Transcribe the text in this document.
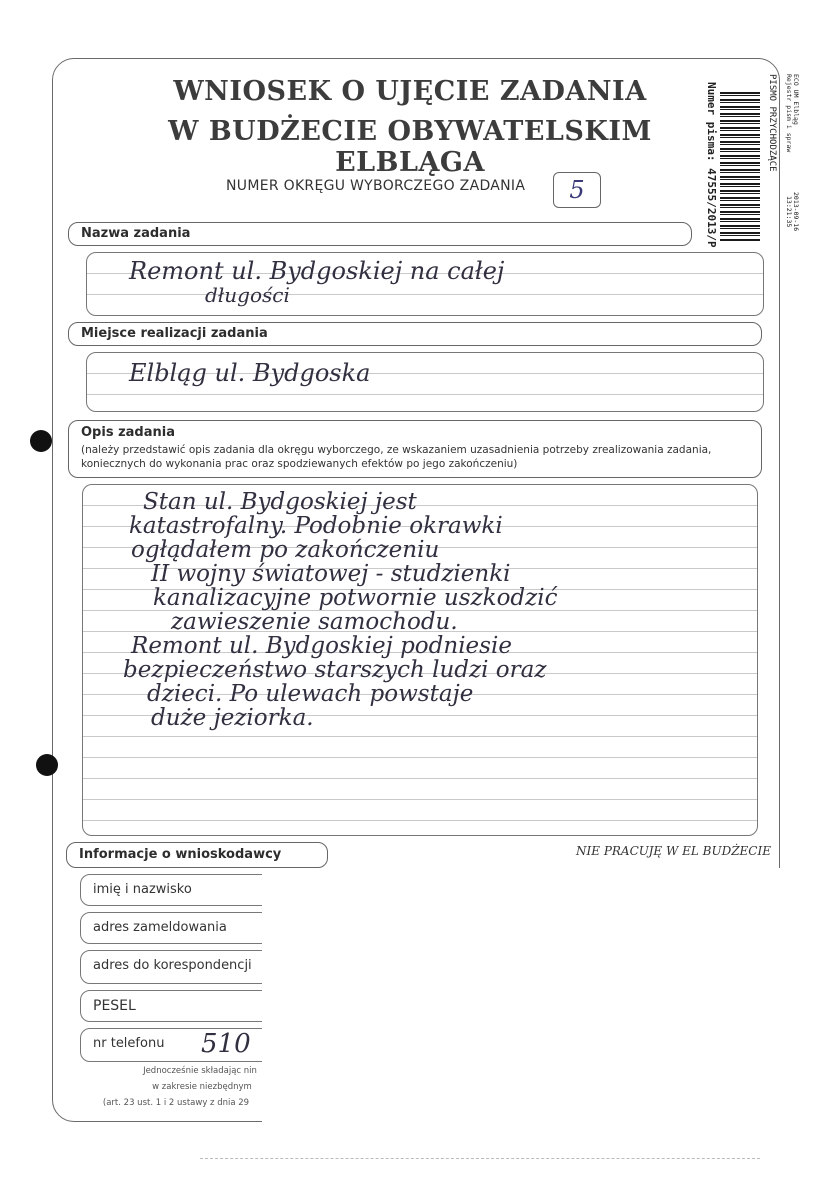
WNIOSEK O UJĘCIE ZADANIA
W BUDŻECIE OBYWATELSKIM ELBLĄGA
NUMER OKRĘGU WYBORCZEGO ZADANIA	5	Numer pisma: 47555/2013/P	ECO UM Elbląg
Rejestr pism i spraw
PISMO PRZYCHODZĄCE
2013-09-16
13:21:35
Nazwa zadania
Remont ul. Bydgoskiej na całej
długości
Miejsce realizacji zadania
Elbląg ul. Bydgoska
Opis zadania
(należy przedstawić opis zadania dla okręgu wyborczego, ze wskazaniem uzasadnienia potrzeby zrealizowania zadania,
koniecznych do wykonania prac oraz spodziewanych efektów po jego zakończeniu)
Stan ul. Bydgoskiej jest
katastrofalny. Podobnie okrawki
ogłądałem po zakończeniu
II wojny światowej - studzienki
kanalizacyjne potwornie uszkodzić
zawieszenie samochodu.
Remont ul. Bydgoskiej podniesie
bezpieczeństwo starszych ludzi oraz
dzieci. Po ulewach powstaje
duże jeziorka.
Informacje o wnioskodawcy	NIE PRACUJĘ W EL BUDŻECIE
imię i nazwisko
adres zameldowania
adres do korespondencji
PESEL
nr telefonu	510
Jednocześnie składając nin
w zakresie niezbędnym
(art. 23 ust. 1 i 2 ustawy z dnia 29
